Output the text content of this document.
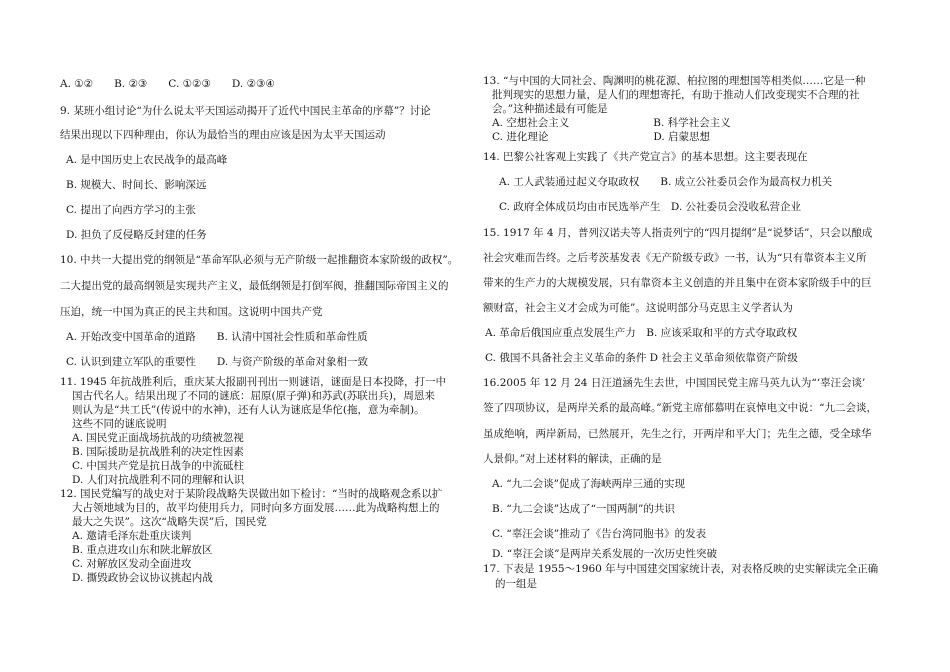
A. ①②　　B. ②③　　C. ①②③　　D. ②③④
9. 某班小组讨论“为什么说太平天国运动揭开了近代中国民主革命的序幕”？讨论
结果出现以下四种理由，你认为最恰当的理由应该是因为太平天国运动
A. 是中国历史上农民战争的最高峰
B. 规模大、时间长、影响深远
C. 提出了向西方学习的主张
D. 担负了反侵略反封建的任务
10. 中共一大提出党的纲领是“革命军队必须与无产阶级一起推翻资本家阶级的政权”。
二大提出党的最高纲领是实现共产主义，最低纲领是打倒军阀，推翻国际帝国主义的
压迫，统一中国为真正的民主共和国。这说明中国共产党
A. 开始改变中国革命的道路　　B. 认清中国社会性质和革命性质
C. 认识到建立军队的重要性　　D. 与资产阶级的革命对象相一致
11. 1945 年抗战胜利后，重庆某大报副刊刊出一则谜语，谜面是日本投降，打一中
国古代名人。结果出现了不同的谜底：屈原(原子弹)和苏武(苏联出兵)，周恩来
则认为是“共工氏”(传说中的水神)，还有人认为谜底是华佗(拖，意为牵制)。
这些不同的谜底说明
A. 国民党正面战场抗战的功绩被忽视
B. 国际援助是抗战胜利的决定性因素
C. 中国共产党是抗日战争的中流砥柱
D. 人们对抗战胜利不同的理解和认识
12. 国民党编写的战史对于某阶段战略失误做出如下检讨：“当时的战略观念系以扩
大占领地域为目的，故平均使用兵力，同时向多方面发展……此为战略构想上的
最大之失误”。这次“战略失误”后，国民党
A. 邀请毛泽东赴重庆谈判
B. 重点进攻山东和陕北解放区
C. 对解放区发动全面进攻
D. 撕毁政协会议协议挑起内战
13. “与中国的大同社会、陶渊明的桃花源、柏拉图的理想国等相类似……它是一种
批判现实的思想力量，是人们的理想寄托，有助于推动人们改变现实不合理的社
会。”这种描述最有可能是
A. 空想社会主义　　　　　　　　B. 科学社会主义
C. 进化理论　　　　　　　　　　D. 启蒙思想
14. 巴黎公社客观上实践了《共产党宣言》的基本思想。这主要表现在
A. 工人武装通过起义夺取政权　　B. 成立公社委员会作为最高权力机关
C. 政府全体成员均由市民选举产生　D. 公社委员会没收私营企业
15. 1917 年 4 月，普列汉诺夫等人指责列宁的“四月提纲”是“说梦话”，只会以酿成
社会灾难而告终。之后考茨基发表《无产阶级专政》一书，认为“只有靠资本主义所
带来的生产力的大规模发展，只有靠资本主义创造的并且集中在资本家阶级手中的巨
额财富，社会主义才会成为可能”。这说明部分马克思主义学者认为
A. 革命后俄国应重点发展生产力　B. 应该采取和平的方式夺取政权
C. 俄国不具备社会主义革命的条件 D 社会主义革命须依靠资产阶级
16.2005 年 12 月 24 日汪道涵先生去世，中国国民党主席马英九认为“‘辜汪会谈’
签了四项协议，是两岸关系的最高峰。”新党主席郁慕明在哀悼电文中说：“九二会谈，
虽成绝响，两岸新局，已然展开，先生之行，开两岸和平大门；先生之德，受全球华
人景仰。”对上述材料的解读，正确的是
A. “九二会谈”促成了海峡两岸三通的实现
B. “九二会谈”达成了“一国两制”的共识
C. “辜汪会谈”推动了《告台湾同胞书》的发表
D. “辜汪会谈”是两岸关系发展的一次历史性突破
17. 下表是 1955～1960 年与中国建交国家统计表，对表格反映的史实解读完全正确
的一组是
